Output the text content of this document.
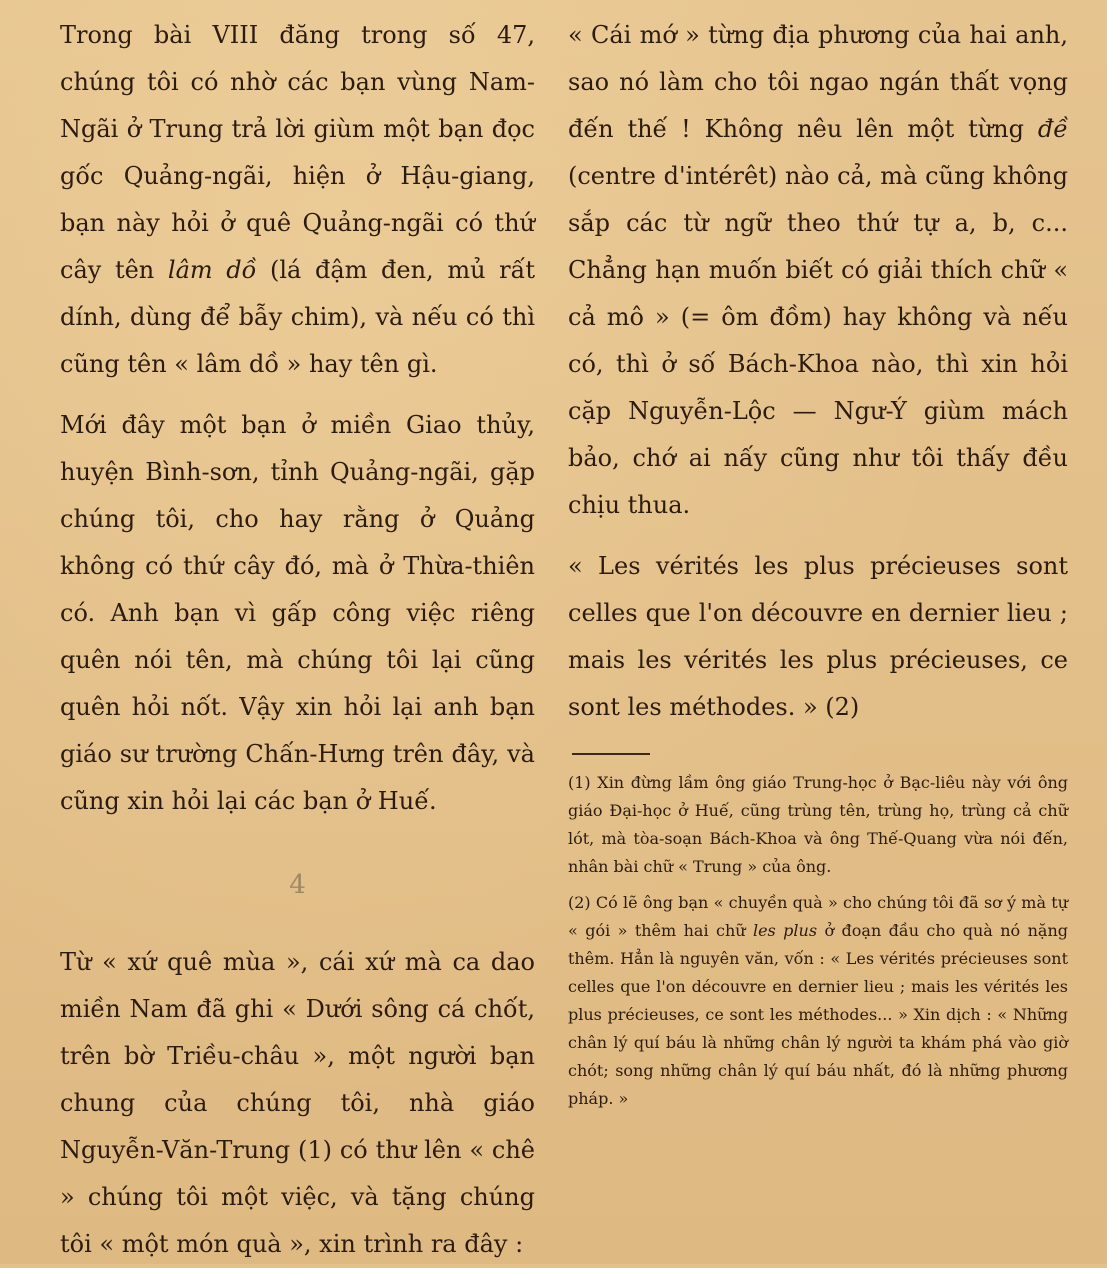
Trong bài VIII đăng trong số 47, chúng tôi có nhờ các bạn vùng Nam-Ngãi ở Trung trả lời giùm một bạn đọc gốc Quảng-ngãi, hiện ở Hậu-giang, bạn này hỏi ở quê Quảng-ngãi có thứ cây tên lâm dồ (lá đậm đen, mủ rất dính, dùng để bẫy chim), và nếu có thì cũng tên « lâm dồ » hay tên gì.

Mới đây một bạn ở miền Giao thủy, huyện Bình-sơn, tỉnh Quảng-ngãi, gặp chúng tôi, cho hay rằng ở Quảng không có thứ cây đó, mà ở Thừa-thiên có. Anh bạn vì gấp công việc riêng quên nói tên, mà chúng tôi lại cũng quên hỏi nốt. Vậy xin hỏi lại anh bạn giáo sư trường Chấn-Hưng trên đây, và cũng xin hỏi lại các bạn ở Huế.

4

Từ « xứ quê mùa », cái xứ mà ca dao miền Nam đã ghi « Dưới sông cá chốt, trên bờ Triều-châu », một người bạn chung của chúng tôi, nhà giáo Nguyễn-Văn-Trung (1) có thư lên « chê » chúng tôi một việc, và tặng chúng tôi « một món quà », xin trình ra đây :

« Cái mớ » từng địa phương của hai anh, sao nó làm cho tôi ngao ngán thất vọng đến thế ! Không nêu lên một từng đề (centre d'intérêt) nào cả, mà cũng không sắp các từ ngữ theo thứ tự a, b, c... Chẳng hạn muốn biết có giải thích chữ « cả mô » (= ôm đồm) hay không và nếu có, thì ở số Bách-Khoa nào, thì xin hỏi cặp Nguyễn-Lộc — Ngư-Ý giùm mách bảo, chớ ai nấy cũng như tôi thấy đều chịu thua.

« Les vérités les plus précieuses sont celles que l'on découvre en dernier lieu ; mais les vérités les plus précieuses, ce sont les méthodes. » (2)

(1) Xin đừng lầm ông giáo Trung-học ở Bạc-liêu này với ông giáo Đại-học ở Huế, cũng trùng tên, trùng họ, trùng cả chữ lót, mà tòa-soạn Bách-Khoa và ông Thế-Quang vừa nói đến, nhân bài chữ « Trung » của ông.

(2) Có lẽ ông bạn « chuyền quà » cho chúng tôi đã sơ ý mà tự « gói » thêm hai chữ les plus ở đoạn đầu cho quà nó nặng thêm. Hẳn là nguyên văn, vốn : « Les vérités précieuses sont celles que l'on découvre en dernier lieu ; mais les vérités les plus précieuses, ce sont les méthodes... » Xin dịch : « Những chân lý quí báu là những chân lý người ta khám phá vào giờ chót; song những chân lý quí báu nhất, đó là những phương pháp. »
